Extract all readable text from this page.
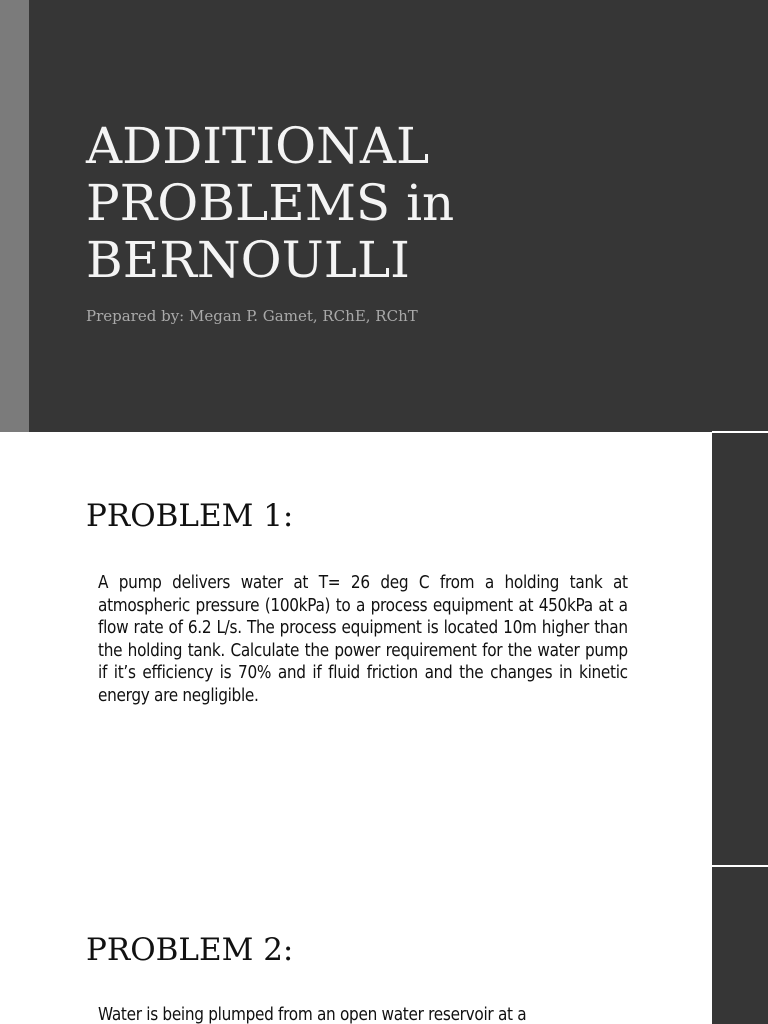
ADDITIONAL
PROBLEMS in
BERNOULLI

Prepared by: Megan P. Gamet, RChE, RChT

PROBLEM 1:

A pump delivers water at T= 26 deg C from a holding tank at atmospheric pressure (100kPa) to a process equipment at 450kPa at a flow rate of 6.2 L/s. The process equipment is located 10m higher than the holding tank. Calculate the power requirement for the water pump if it’s efficiency is 70% and if fluid friction and the changes in kinetic energy are negligible.

PROBLEM 2:

Water is being plumped from an open water reservoir at a
